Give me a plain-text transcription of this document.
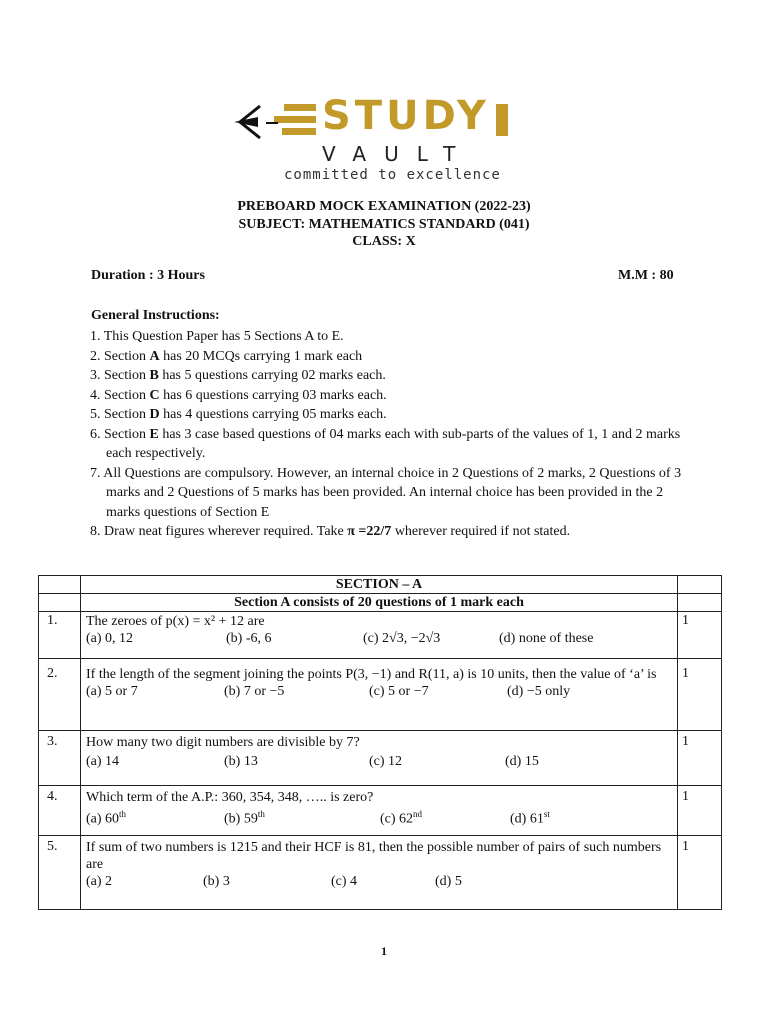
STUDY
VAULT
committed to excellence
PREBOARD MOCK EXAMINATION (2022-23)
SUBJECT: MATHEMATICS STANDARD (041)
CLASS: X
Duration : 3 Hours	M.M : 80
General Instructions:
1. This Question Paper has 5 Sections A to E.
2. Section A has 20 MCQs carrying 1 mark each
3. Section B has 5 questions carrying 02 marks each.
4. Section C has 6 questions carrying 03 marks each.
5. Section D has 4 questions carrying 05 marks each.
6. Section E has 3 case based questions of 04 marks each with sub-parts of the values of 1, 1 and 2 marks each respectively.
7. All Questions are compulsory. However, an internal choice in 2 Questions of 2 marks, 2 Questions of 3 marks and 2 Questions of 5 marks has been provided. An internal choice has been provided in the 2 marks questions of Section E
8. Draw neat figures wherever required. Take π =22/7 wherever required if not stated.
	SECTION – A	
	Section A consists of 20 questions of 1 mark each	
1.	The zeroes of p(x) = x² + 12 are
(a) 0, 12 (b) -6, 6 (c) 2√3, −2√3 (d) none of these	1
2.	If the length of the segment joining the points P(3, −1) and R(11, a) is 10 units, then the value of ‘a’ is
(a) 5 or 7 (b) 7 or −5 (c) 5 or −7 (d) −5 only	1
3.	How many two digit numbers are divisible by 7?
(a) 14 (b) 13 (c) 12 (d) 15	1
4.	Which term of the A.P.: 360, 354, 348, ….. is zero?
(a) 60th (b) 59th (c) 62nd (d) 61st	1
5.	If sum of two numbers is 1215 and their HCF is 81, then the possible number of pairs of such numbers are
(a) 2 (b) 3 (c) 4 (d) 5	1
1
